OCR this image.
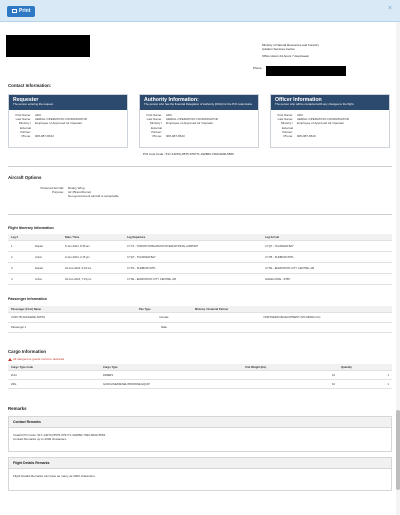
Print	×
Ministry of Natural Resources and Forestry
Aviation Services Centre
Office Hours 24-hours 7 days/week
Phone
Contact Information:
Requester
The person entering the request.
First Name:	ADC
Last Name:	AERIAL OPERATION COORDINATOR
Ministry / External Partner:
Employee of Approved Air Operator
Phone:	905-987-6543
Authority Information:
The person who has the financial Delegation of Authority (DOA) for the P/O code below.
First Name:	ADC
Last Name:	AERIAL OPERATION COORDINATOR
Ministry / External Partner:
Employee of Approved Air Operator
Phone:	905-987-6543
P/O Cost Code : 517-14070)-8575-979771-342860-7390-9000-5556
Officer Information
The person who will be contacted with any changes to the flight.
First Name:	ADC
Last Name:	AERIAL OPERATION COORDINATOR
Ministry / External Partner:
Employee of Approved Air Operator
Phone:	905-987-6543
Aircraft Options
Preferred Aircraft:	Rotary Wing
Purpose:	Air (Bravo/Demo)
Non-government aircraft is acceptable
Flight Itinerary Information
Leg #		Date / Time	Leg Departure	Leg Arrival
1	Depart	5-Jun-2024, 8:45 am	CYYZ - TORONTO/PEARSON INTERNATIONAL AIRPORT	CYQT - THUNDER BAY
2	Arrive	9-Jun-2024, 2:15 pm	CYQT - THUNDER BAY	CYYB - SUDBURY/MTL
3	Depart	22-Jun-2024, 9:15 am	CYXS - SUDBURY/MTL	CYXE - EDMONTON CITY CENTRE, AB
4	Arrive	26-Jun-2024, 7:15 pm	CYXE - EDMONTON CITY CENTRE, AB	HAVELOCKE - 5788
Passenger Information
Passenger (First) Name	Pax Type	Ministry / External Partner
CODY BLANCHERE-SMITH	Female	NORTHERN DEVELOPMENT (NO-MINES GC)
Passenger 1	Male	
Cargo Information
All dangerous goods must be declared.
Cargo Type Code	Cargo Type	Unit Weight (lbs)	Quantity
ZUH	DRIERS	10	1
ZZG	GASOLINE/DIESEL/PROPANE EQUIP	10	1
Remarks
Contact Remarks
Invalid P/O Code: 517-14070) 8575-979771-342860-7390-9000-5556
Contact Remarks up to 2000 characters.
Flight Details Remarks
Flight Details Remarks can have as many as 2000 characters.
